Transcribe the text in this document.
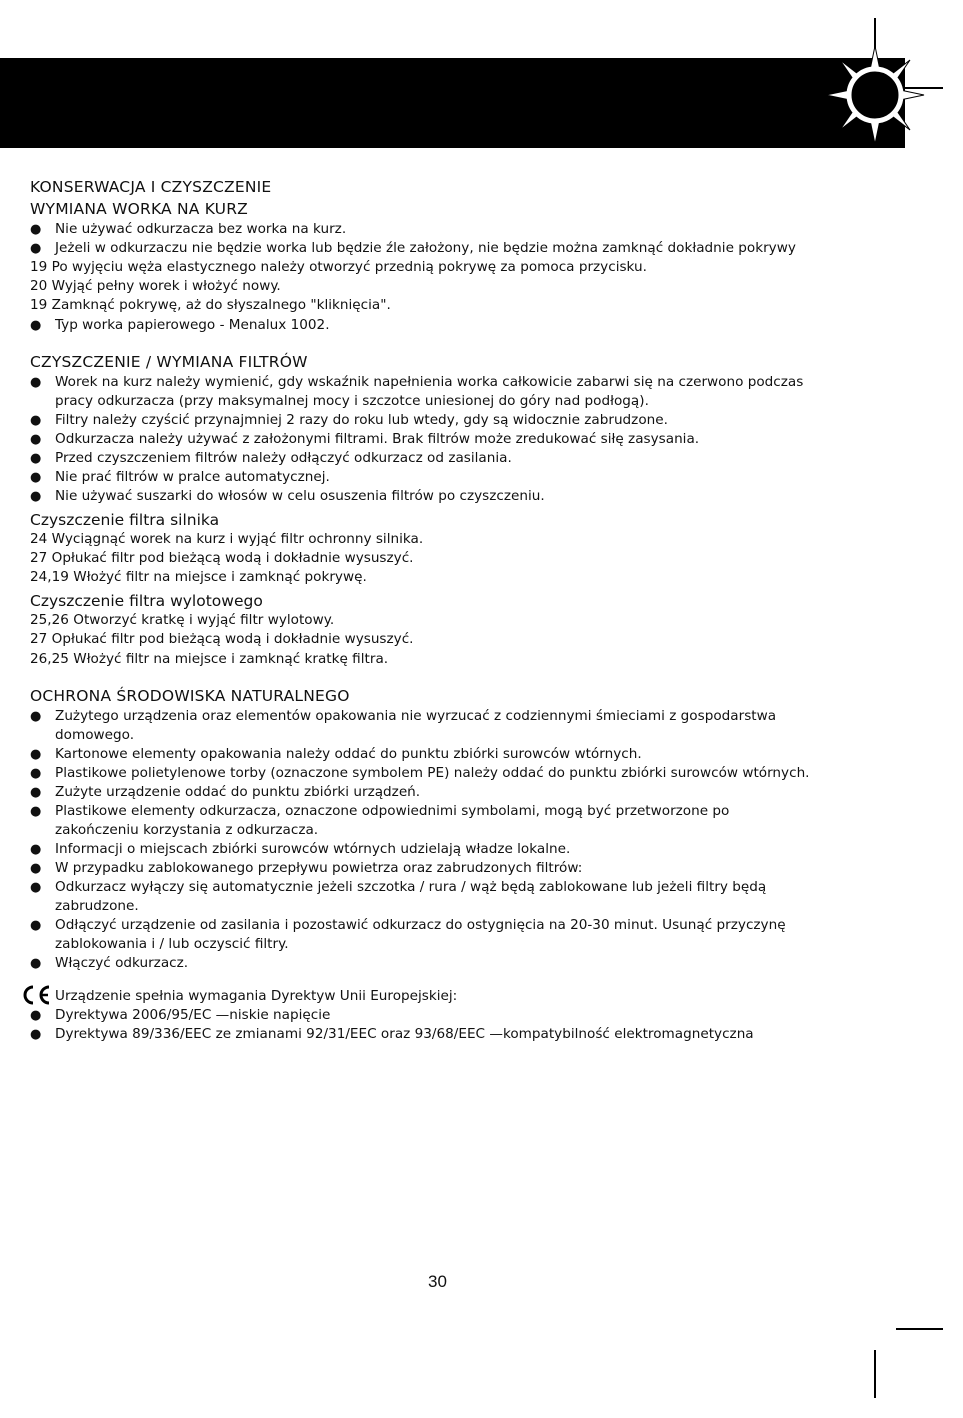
KONSERWACJA I CZYSZCZENIE
WYMIANA WORKA NA KURZ
● Nie używać odkurzacza bez worka na kurz.
● Jeżeli w odkurzaczu nie będzie worka lub będzie źle założony, nie będzie można zamknąć dokładnie pokrywy
19 Po wyjęciu węża elastycznego należy otworzyć przednią pokrywę za pomoca przycisku.
20 Wyjąć pełny worek i włożyć nowy.
19 Zamknąć pokrywę, aż do słyszalnego "kliknięcia".
● Typ worka papierowego - Menalux 1002.
CZYSZCZENIE / WYMIANA FILTRÓW
● Worek na kurz należy wymienić, gdy wskaźnik napełnienia worka całkowicie zabarwi się na czerwono podczas
pracy odkurzacza (przy maksymalnej mocy i szczotce uniesionej do góry nad podłogą).
● Filtry należy czyścić przynajmniej 2 razy do roku lub wtedy, gdy są widocznie zabrudzone.
● Odkurzacza należy używać z założonymi filtrami. Brak filtrów może zredukować siłę zasysania.
● Przed czyszczeniem filtrów należy odłączyć odkurzacz od zasilania.
● Nie prać filtrów w pralce automatycznej.
● Nie używać suszarki do włosów w celu osuszenia filtrów po czyszczeniu.
Czyszczenie filtra silnika
24 Wyciągnąć worek na kurz i wyjąć filtr ochronny silnika.
27 Opłukać filtr pod bieżącą wodą i dokładnie wysuszyć.
24,19 Włożyć filtr na miejsce i zamknąć pokrywę.
Czyszczenie filtra wylotowego
25,26 Otworzyć kratkę i wyjąć filtr wylotowy.
27 Opłukać filtr pod bieżącą wodą i dokładnie wysuszyć.
26,25 Włożyć filtr na miejsce i zamknąć kratkę filtra.
OCHRONA ŚRODOWISKA NATURALNEGO
● Zużytego urządzenia oraz elementów opakowania nie wyrzucać z codziennymi śmieciami z gospodarstwa
domowego.
● Kartonowe elementy opakowania należy oddać do punktu zbiórki surowców wtórnych.
● Plastikowe polietylenowe torby (oznaczone symbolem PE) należy oddać do punktu zbiórki surowców wtórnych.
● Zużyte urządzenie oddać do punktu zbiórki urządzeń.
● Plastikowe elementy odkurzacza, oznaczone odpowiednimi symbolami, mogą być przetworzone po
zakończeniu korzystania z odkurzacza.
● Informacji o miejscach zbiórki surowców wtórnych udzielają władze lokalne.
● W przypadku zablokowanego przepływu powietrza oraz zabrudzonych filtrów:
● Odkurzacz wyłączy się automatycznie jeżeli szczotka / rura / wąż będą zablokowane lub jeżeli filtry będą
zabrudzone.
● Odłączyć urządzenie od zasilania i pozostawić odkurzacz do ostygnięcia na 20-30 minut. Usunąć przyczynę
zablokowania i / lub oczyscić filtry.
● Włączyć odkurzacz.
Urządzenie spełnia wymagania Dyrektyw Unii Europejskiej:
● Dyrektywa 2006/95/EC —niskie napięcie
● Dyrektywa 89/336/EEC ze zmianami 92/31/EEC oraz 93/68/EEC —kompatybilność elektromagnetyczna
30
